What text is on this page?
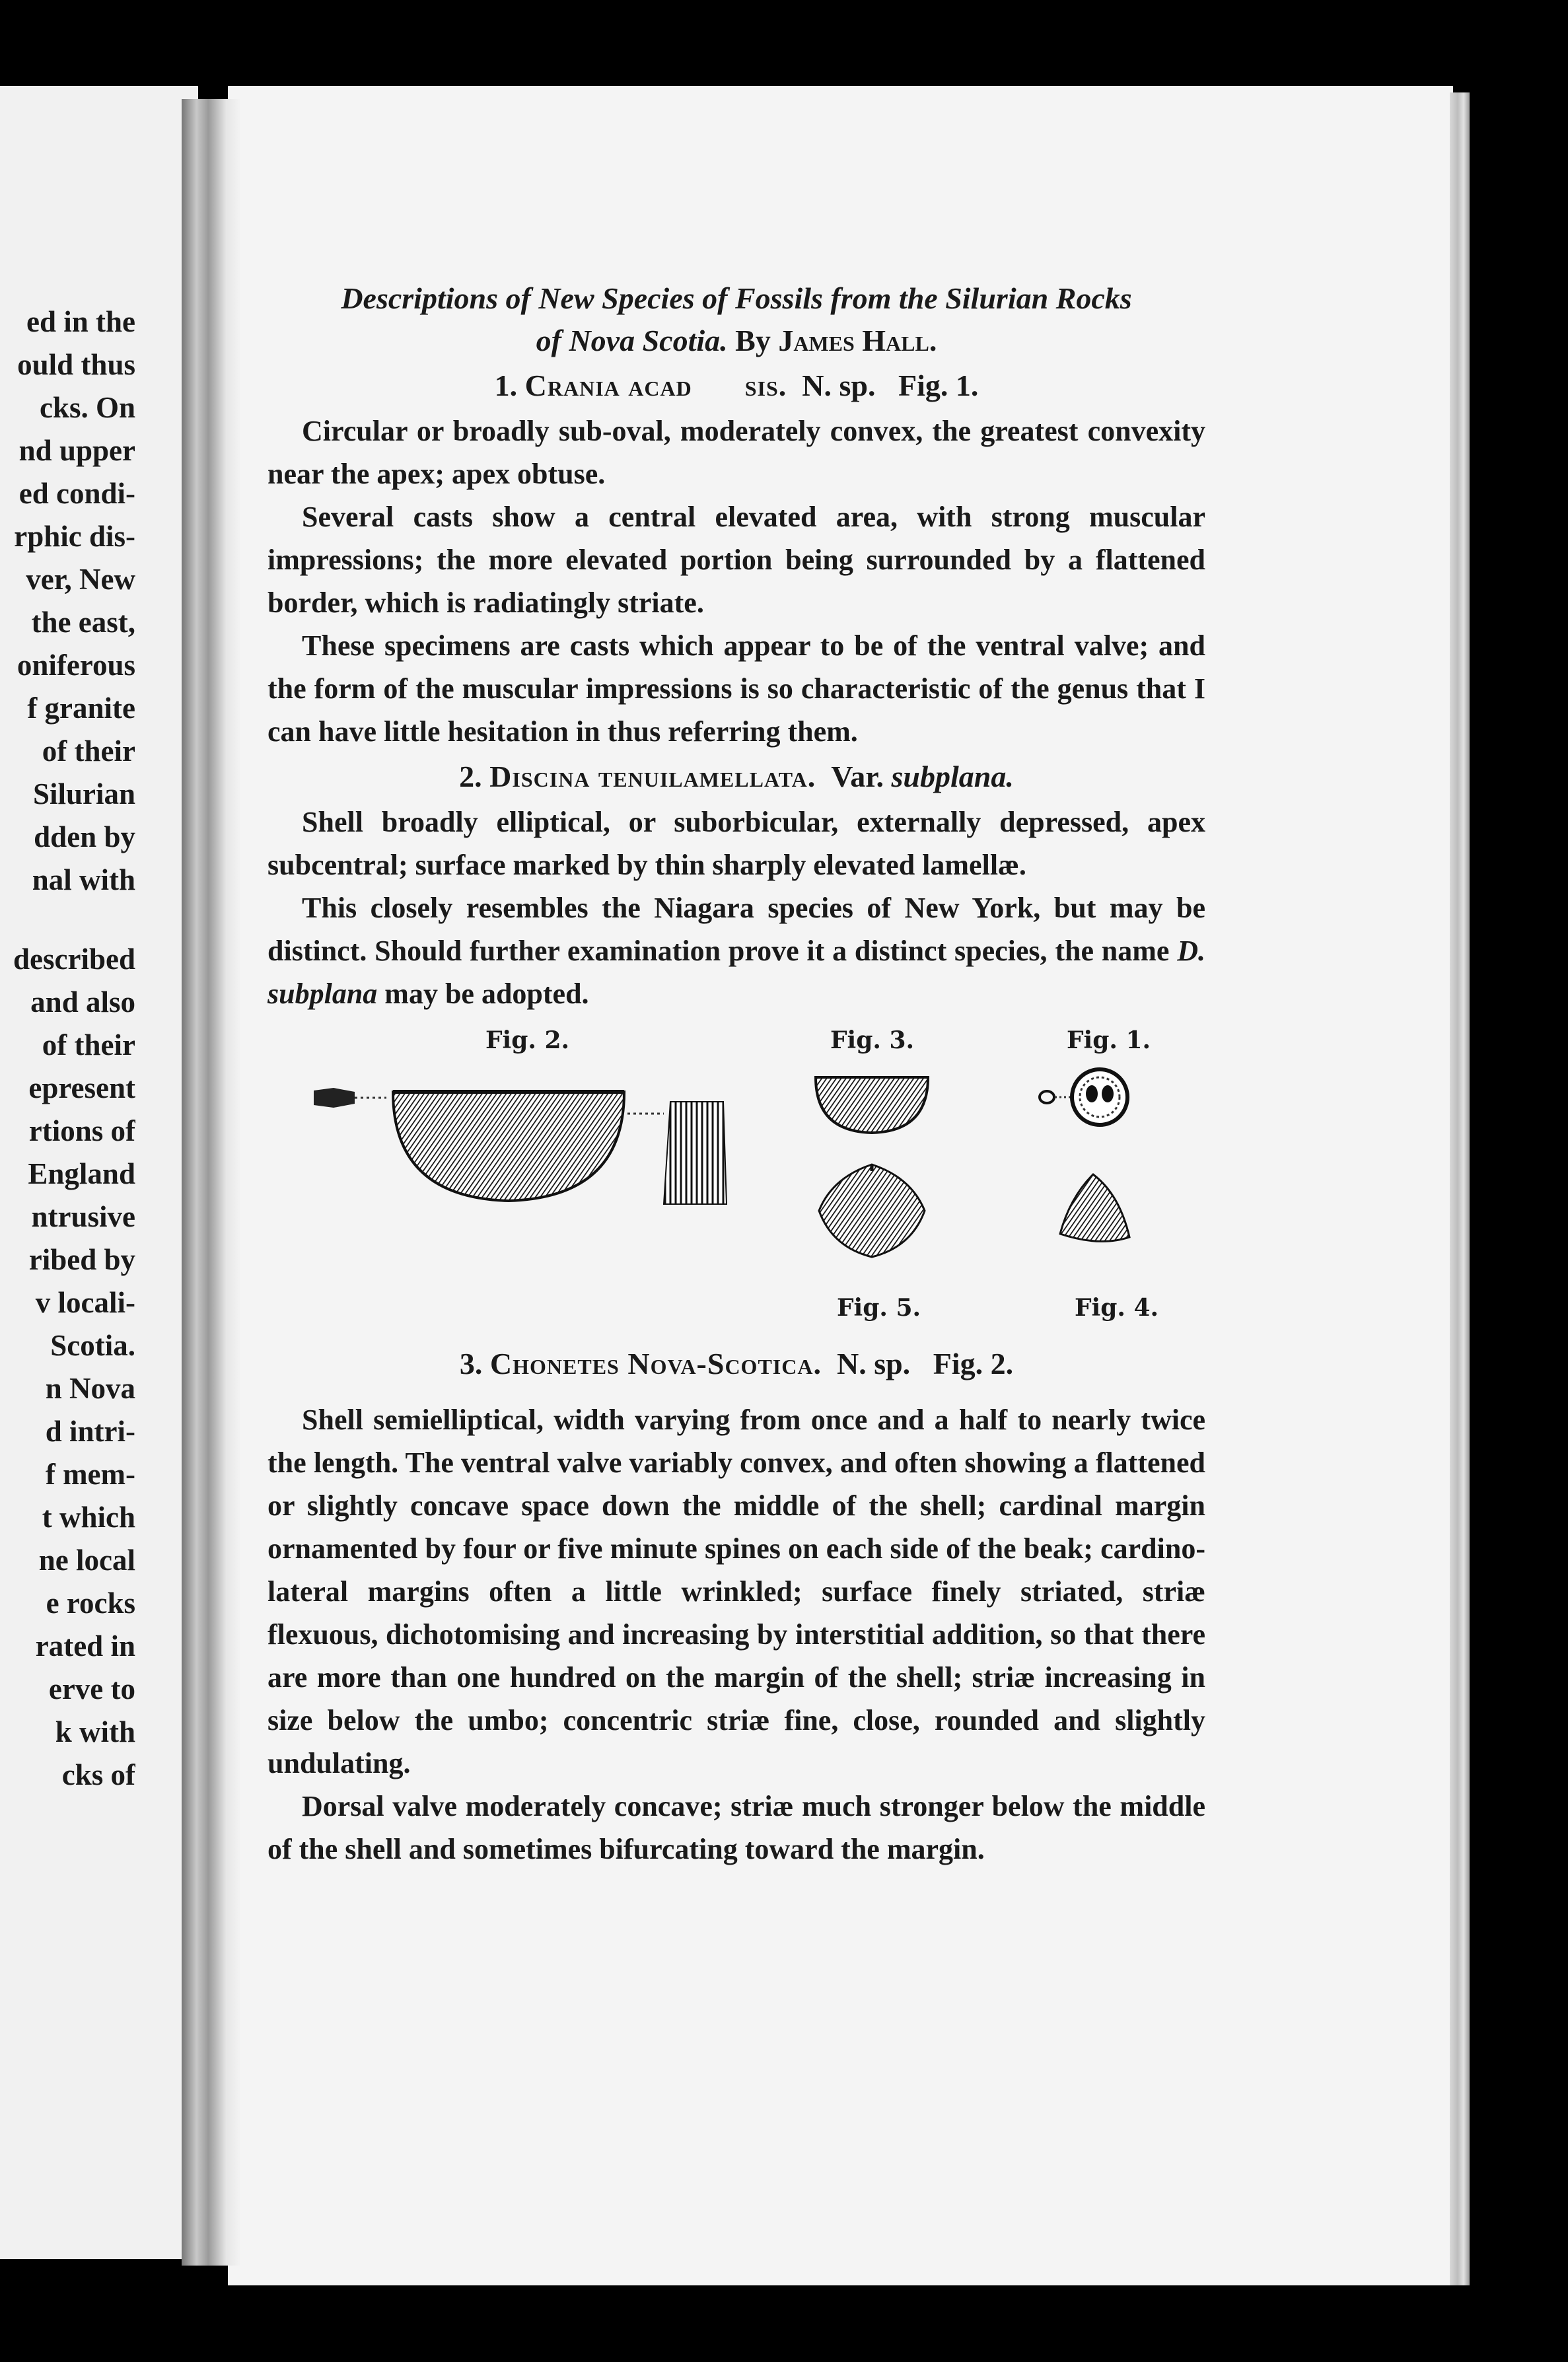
ed in the
ould thus
cks. On
nd upper
ed condi-
rphic dis-
ver, New
the east,
oniferous
f granite
of their
Silurian
dden by
nal with
described
and also
of their
epresent
rtions of
England
ntrusive
ribed by
v locali-
Scotia.
n Nova
d intri-
f mem-
t which
ne local
e rocks
rated in
erve to
k with
cks of
Descriptions of New Species of Fossils from the Silurian Rocks
of Nova Scotia. By James Hall.
1. Crania acad sis. N. sp. Fig. 1.

Circular or broadly sub-oval, moderately convex, the greatest convexity near the apex; apex obtuse.

Several casts show a central elevated area, with strong muscular impressions; the more elevated portion being surrounded by a flattened border, which is radiatingly striate.

These specimens are casts which appear to be of the ventral valve; and the form of the muscular impressions is so characteristic of the genus that I can have little hesitation in thus referring them.

2. Discina tenuilamellata. Var. subplana.

Shell broadly elliptical, or suborbicular, externally depressed, apex subcentral; surface marked by thin sharply elevated lamellæ.

This closely resembles the Niagara species of New York, but may be distinct. Should further examination prove it a distinct species, the name D. subplana may be adopted.

Fig. 2.	Fig. 3.	Fig. 1.
Fig. 5.	Fig. 4.
3. Chonetes Nova-Scotica. N. sp. Fig. 2.

Shell semielliptical, width varying from once and a half to nearly twice the length. The ventral valve variably convex, and often showing a flattened or slightly concave space down the middle of the shell; cardinal margin ornamented by four or five minute spines on each side of the beak; cardino-lateral margins often a little wrinkled; surface finely striated, striæ flexuous, dichotomising and increasing by interstitial addition, so that there are more than one hundred on the margin of the shell; striæ increasing in size below the umbo; concentric striæ fine, close, rounded and slightly undulating.

Dorsal valve moderately concave; striæ much stronger below the middle of the shell and sometimes bifurcating toward the margin.
